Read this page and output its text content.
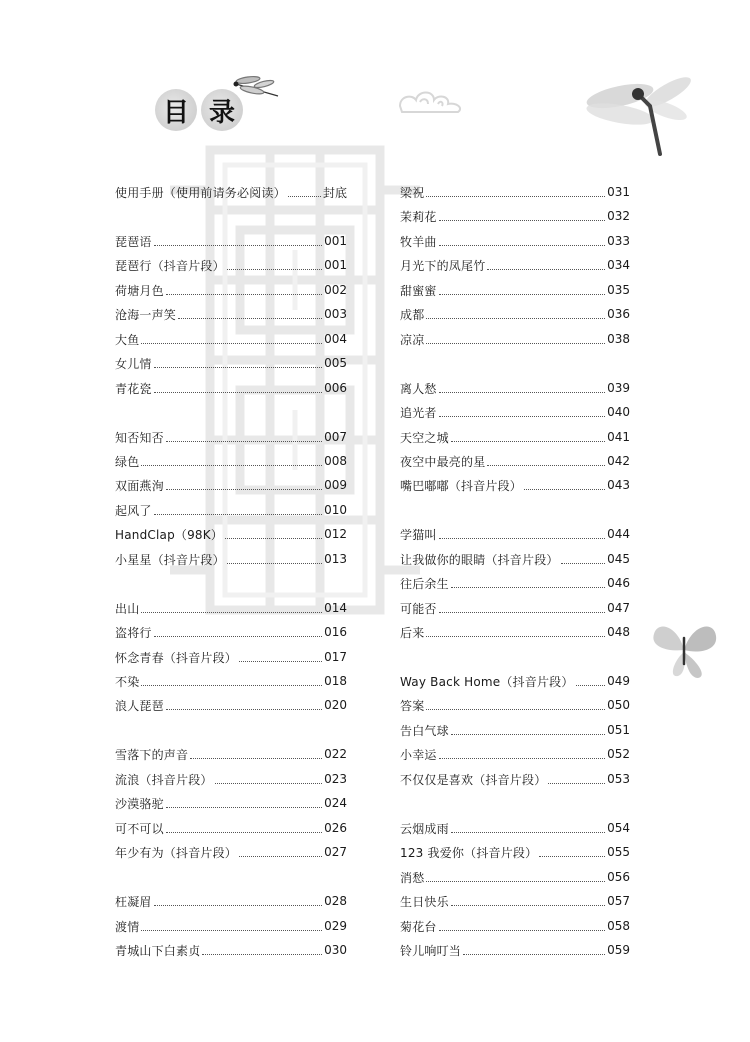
目 录
使用手册（使用前请务必阅读）	封底
琵琶语	001
琵琶行（抖音片段）	001
荷塘月色	002
沧海一声笑	003
大鱼	004
女儿情	005
青花瓷	006
知否知否	007
绿色	008
双面燕洵	009
起风了	010
HandClap（98K）	012
小星星（抖音片段）	013
出山	014
盗将行	016
怀念青春（抖音片段）	017
不染	018
浪人琵琶	020
雪落下的声音	022
流浪（抖音片段）	023
沙漠骆驼	024
可不可以	026
年少有为（抖音片段）	027
枉凝眉	028
渡情	029
青城山下白素贞	030
梁祝	031
茉莉花	032
牧羊曲	033
月光下的凤尾竹	034
甜蜜蜜	035
成都	036
凉凉	038
离人愁	039
追光者	040
天空之城	041
夜空中最亮的星	042
嘴巴嘟嘟（抖音片段）	043
学猫叫	044
让我做你的眼睛（抖音片段）	045
往后余生	046
可能否	047
后来	048
Way Back Home（抖音片段）	049
答案	050
告白气球	051
小幸运	052
不仅仅是喜欢（抖音片段）	053
云烟成雨	054
123 我爱你（抖音片段）	055
消愁	056
生日快乐	057
菊花台	058
铃儿响叮当	059
